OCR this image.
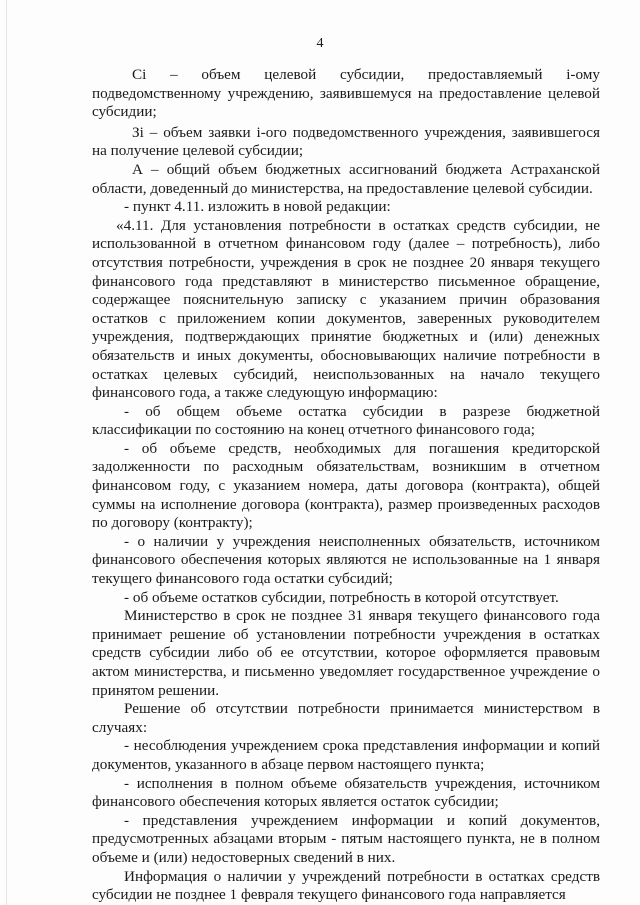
4

Ci – объем целевой субсидии, предоставляемый i-ому подведомственному учреждению, заявившемуся на предоставление целевой субсидии;

Зi – объем заявки i-ого подведомственного учреждения, заявившегося на получение целевой субсидии;

А – общий объем бюджетных ассигнований бюджета Астраханской области, доведенный до министерства, на предоставление целевой субсидии.

- пункт 4.11. изложить в новой редакции:

«4.11. Для установления потребности в остатках средств субсидии, не использованной в отчетном финансовом году (далее – потребность), либо отсутствия потребности, учреждения в срок не позднее 20 января текущего финансового года представляют в министерство письменное обращение, содержащее пояснительную записку с указанием причин образования остатков с приложением копии документов, заверенных руководителем учреждения, подтверждающих принятие бюджетных и (или) денежных обязательств и иных документы, обосновывающих наличие потребности в остатках целевых субсидий, неиспользованных на начало текущего финансового года, а также следующую информацию:

- об общем объеме остатка субсидии в разрезе бюджетной классификации по состоянию на конец отчетного финансового года;

- об объеме средств, необходимых для погашения кредиторской задолженности по расходным обязательствам, возникшим в отчетном финансовом году, с указанием номера, даты договора (контракта), общей суммы на исполнение договора (контракта), размер произведенных расходов по договору (контракту);

- о наличии у учреждения неисполненных обязательств, источником финансового обеспечения которых являются не использованные на 1 января текущего финансового года остатки субсидий;

- об объеме остатков субсидии, потребность в которой отсутствует.

Министерство в срок не позднее 31 января текущего финансового года принимает решение об установлении потребности учреждения в остатках средств субсидии либо об ее отсутствии, которое оформляется правовым актом министерства, и письменно уведомляет государственное учреждение о принятом решении.

Решение об отсутствии потребности принимается министерством в случаях:

- несоблюдения учреждением срока представления информации и копий документов, указанного в абзаце первом настоящего пункта;

- исполнения в полном объеме обязательств учреждения, источником финансового обеспечения которых является остаток субсидии;

- представления учреждением информации и копий документов, предусмотренных абзацами вторым - пятым настоящего пункта, не в полном объеме и (или) недостоверных сведений в них.

Информация о наличии у учреждений потребности в остатках средств субсидии не позднее 1 февраля текущего финансового года направляется
